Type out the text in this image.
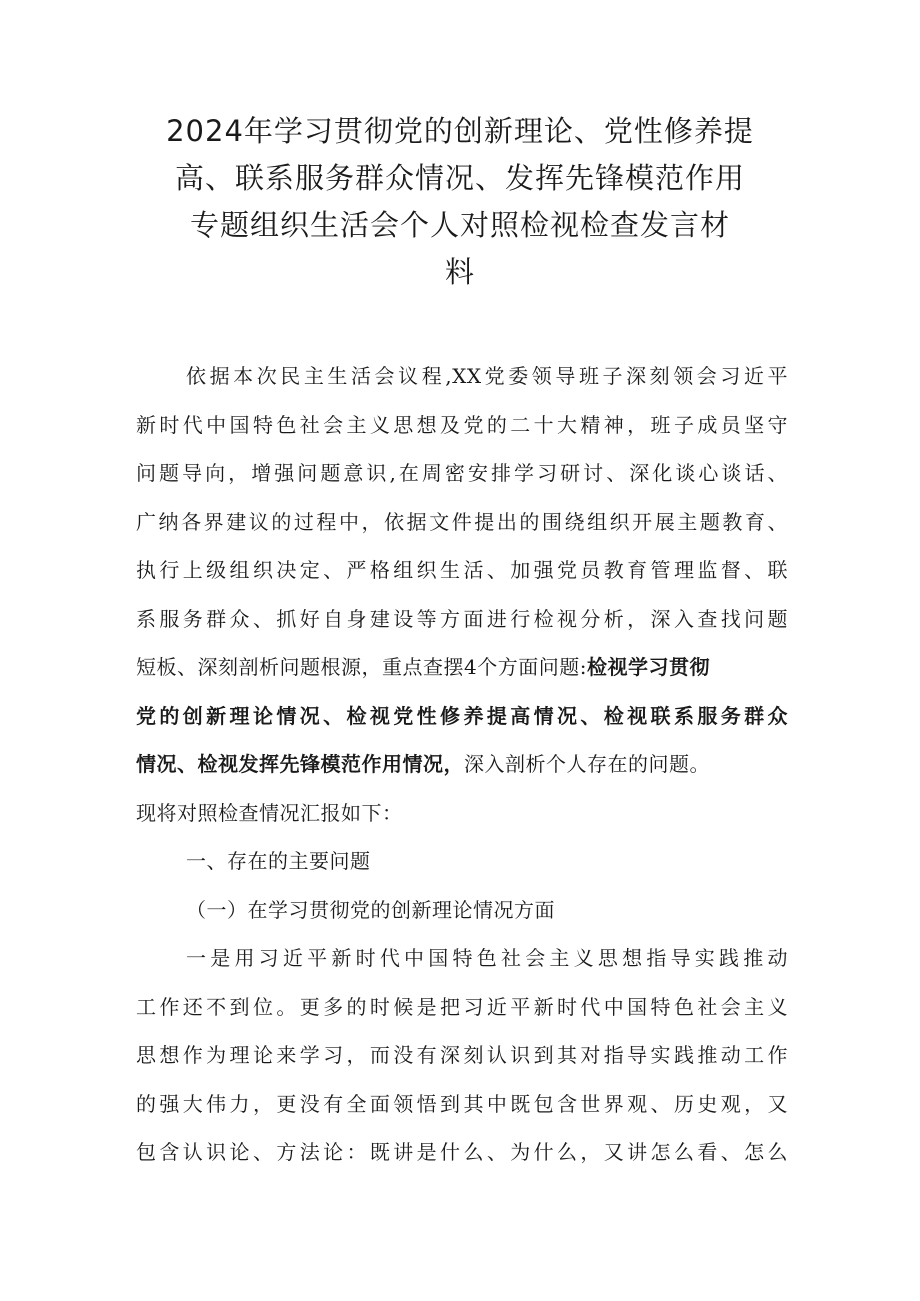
2024年学习贯彻党的创新理论、党性修养提
高、联系服务群众情况、发挥先锋模范作用
专题组织生活会个人对照检视检查发言材
料
依据本次民主生活会议程,XX党委领导班子深刻领会习近平
新时代中国特色社会主义思想及党的二十大精神，班子成员坚守
问题导向，增强问题意识,在周密安排学习研讨、深化谈心谈话、
广纳各界建议的过程中，依据文件提出的围绕组织开展主题教育、
执行上级组织决定、严格组织生活、加强党员教育管理监督、联
系服务群众、抓好自身建设等方面进行检视分析，深入查找问题
短板、深刻剖析问题根源，重点查摆4个方面问题:检视学习贯彻
党的创新理论情况、检视党性修养提高情况、检视联系服务群众
情况、检视发挥先锋模范作用情况，深入剖析个人存在的问题。
现将对照检查情况汇报如下：
一、存在的主要问题
（一）在学习贯彻党的创新理论情况方面
一是用习近平新时代中国特色社会主义思想指导实践推动
工作还不到位。更多的时候是把习近平新时代中国特色社会主义
思想作为理论来学习，而没有深刻认识到其对指导实践推动工作
的强大伟力，更没有全面领悟到其中既包含世界观、历史观，又
包含认识论、方法论：既讲是什么、为什么，又讲怎么看、怎么
